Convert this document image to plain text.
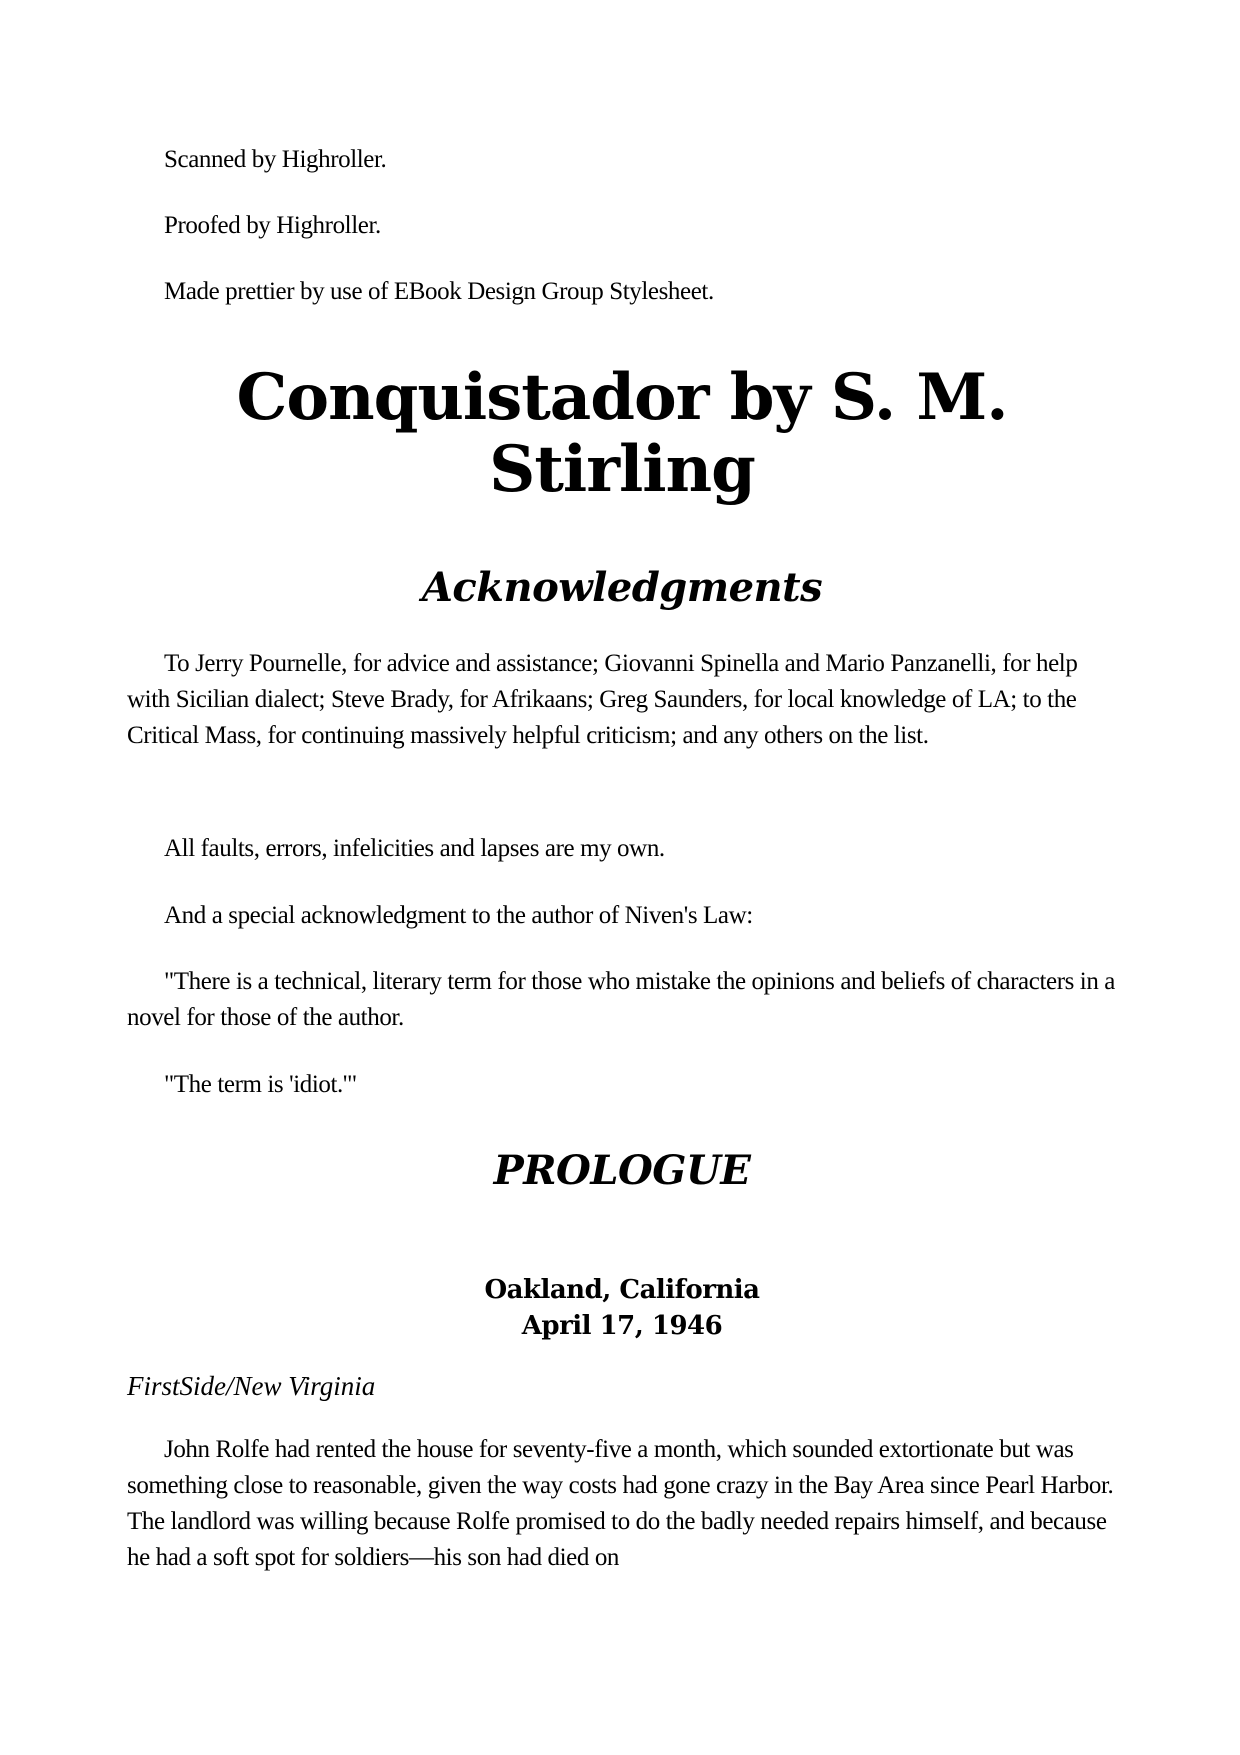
Scanned by Highroller.

Proofed by Highroller.

Made prettier by use of EBook Design Group Stylesheet.

Conquistador by S. M. Stirling
Acknowledgments

To Jerry Pournelle, for advice and assistance; Giovanni Spinella and Mario Panzanelli, for help with Sicilian dialect; Steve Brady, for Afrikaans; Greg Saunders, for local knowledge of LA; to the Critical Mass, for continuing massively helpful criticism; and any others on the list.

All faults, errors, infelicities and lapses are my own.

And a special acknowledgment to the author of Niven's Law:

"There is a technical, literary term for those who mistake the opinions and beliefs of characters in a novel for those of the author.

"The term is 'idiot.'"

PROLOGUE
Oakland, California
April 17, 1946
FirstSide/New Virginia

John Rolfe had rented the house for seventy-five a month, which sounded extortionate but was something close to reasonable, given the way costs had gone crazy in the Bay Area since Pearl Harbor. The landlord was willing because Rolfe promised to do the badly needed repairs himself, and because he had a soft spot for soldiers—his son had died on
